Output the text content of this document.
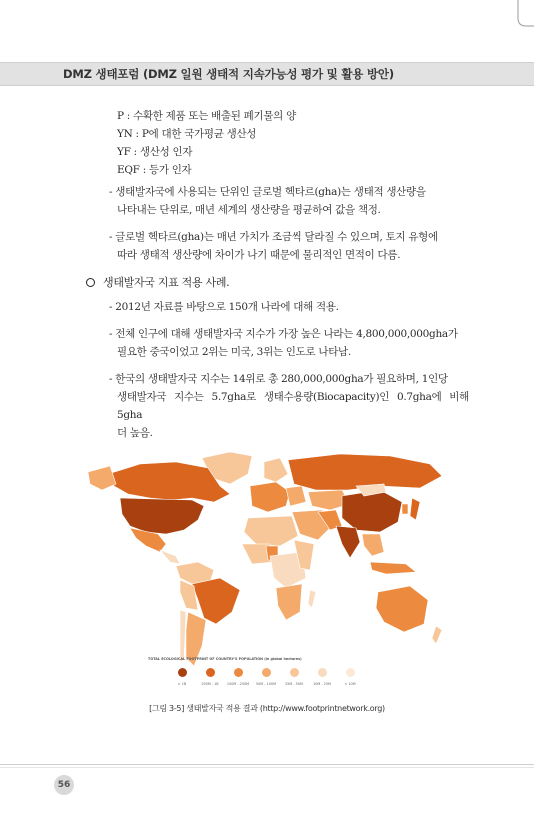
DMZ 생태포럼 (DMZ 일원 생태적 지속가능성 평가 및 활용 방안)
P : 수확한 제품 또는 배출된 폐기물의 양
YN : P에 대한 국가평균 생산성
YF : 생산성 인자
EQF : 등가 인자
- 생태발자국에 사용되는 단위인 글로벌 헥타르(gha)는 생태적 생산량을
나타내는 단위로, 매년 세계의 생산량을 평균하여 값을 책정.
- 글로벌 헥타르(gha)는 매년 가치가 조금씩 달라질 수 있으며, 토지 유형에
따라 생태적 생산량에 차이가 나기 때문에 물리적인 면적이 다름.
생태발자국 지표 적용 사례.
- 2012년 자료를 바탕으로 150개 나라에 대해 적용.
- 전체 인구에 대해 생태발자국 지수가 가장 높은 나라는 4,800,000,000gha가
필요한 중국이었고 2위는 미국, 3위는 인도로 나타남.
- 한국의 생태발자국 지수는 14위로 총 280,000,000gha가 필요하며, 1인당
생태발자국 지수는 5.7gha로 생태수용량(Biocapacity)인 0.7gha에 비해 5gha
더 높음.
TOTAL ECOLOGICAL FOOTPRINT OF COUNTRY'S POPULATION (in global hectares)
> 1B	250M - 1B	100M - 250M	50M - 100M	25M - 50M	10M - 25M	< 10M
[그림 3-5] 생태발자국 적용 결과 (http://www.footprintnetwork.org)
56
